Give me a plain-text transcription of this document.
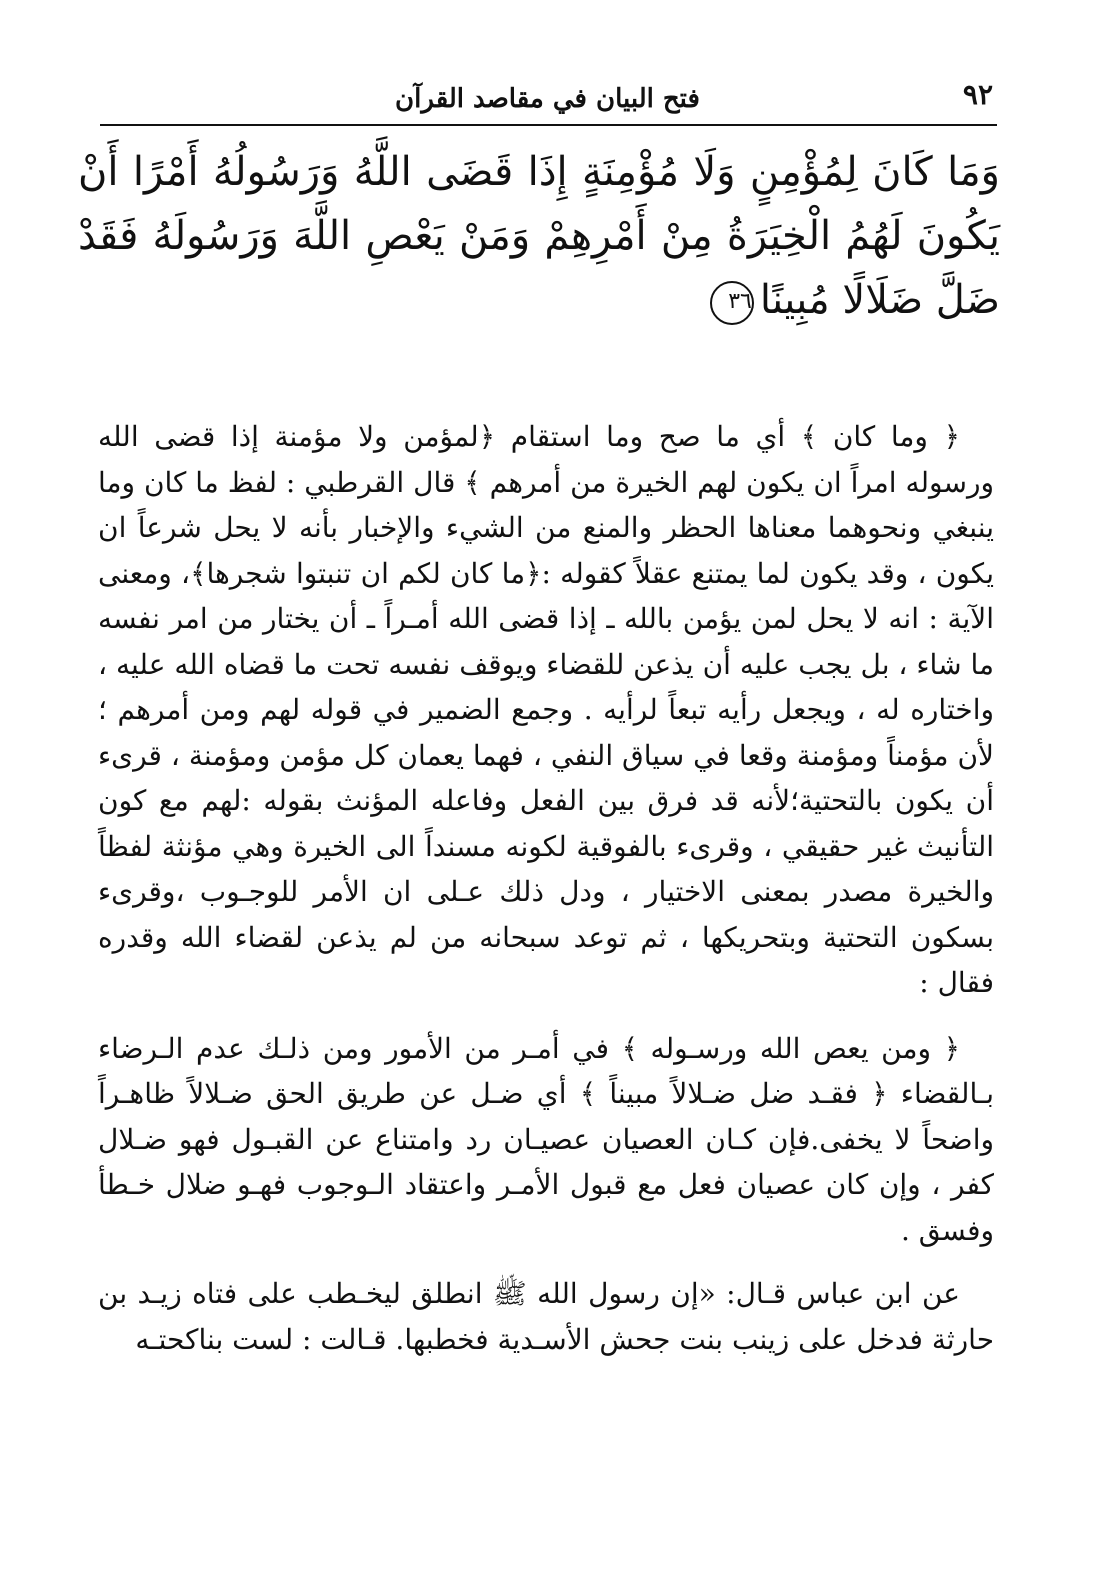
٩٢
فتح البيان في مقاصد القرآن
وَمَا كَانَ لِمُؤْمِنٍ وَلَا مُؤْمِنَةٍ إِذَا قَضَى اللَّهُ وَرَسُولُهُ أَمْرًا أَنْ يَكُونَ لَهُمُ الْخِيَرَةُ مِنْ أَمْرِهِمْ وَمَنْ يَعْصِ اللَّهَ وَرَسُولَهُ فَقَدْ ضَلَّ ضَلَالًا مُبِينًا٣٦

﴿ وما كان ﴾ أي ما صح وما استقام ﴿لمؤمن ولا مؤمنة إذا قضى الله ورسوله امراً ان يكون لهم الخيرة من أمرهم ﴾ قال القرطبي : لفظ ما كان وما ينبغي ونحوهما معناها الحظر والمنع من الشيء والإخبار بأنه لا يحل شرعاً ان يكون ، وقد يكون لما يمتنع عقلاً كقوله :﴿ما كان لكم ان تنبتوا شجرها﴾، ومعنى الآية : انه لا يحل لمن يؤمن بالله ـ إذا قضى الله أمـراً ـ أن يختار من امر نفسه ما شاء ، بل يجب عليه أن يذعن للقضاء ويوقف نفسه تحت ما قضاه الله عليه ، واختاره له ، ويجعل رأيه تبعاً لرأيه . وجمع الضمير في قوله لهم ومن أمرهم ؛ لأن مؤمناً ومؤمنة وقعا في سياق النفي ، فهما يعمان كل مؤمن ومؤمنة ، قرىء أن يكون بالتحتية؛لأنه قد فرق بين الفعل وفاعله المؤنث بقوله :لهم مع كون التأنيث غير حقيقي ، وقرىء بالفوقية لكونه مسنداً الى الخيرة وهي مؤنثة لفظاً والخيرة مصدر بمعنى الاختيار ، ودل ذلك عـلى ان الأمر للوجـوب ،وقرىء بسكون التحتية وبتحريكها ، ثم توعد سبحانه من لم يذعن لقضاء الله وقدره فقال :

﴿ ومن يعص الله ورسـوله ﴾ في أمـر من الأمور ومن ذلـك عدم الـرضاء بـالقضاء ﴿ فقـد ضل ضـلالاً مبيناً ﴾ أي ضـل عن طريق الحق ضـلالاً ظاهـراً واضحاً لا يخفى.فإن كـان العصيان عصيـان رد وامتناع عن القبـول فهو ضـلال كفر ، وإن كان عصيان فعل مع قبول الأمـر واعتقاد الـوجوب فهـو ضلال خـطأ وفسق .

عن ابن عباس قـال: «إن رسول الله ﷺ انطلق ليخـطب على فتاه زيـد بن حارثة فدخل على زينب بنت جحش الأسـدية فخطبها. قـالت : لست بناكحتـه
